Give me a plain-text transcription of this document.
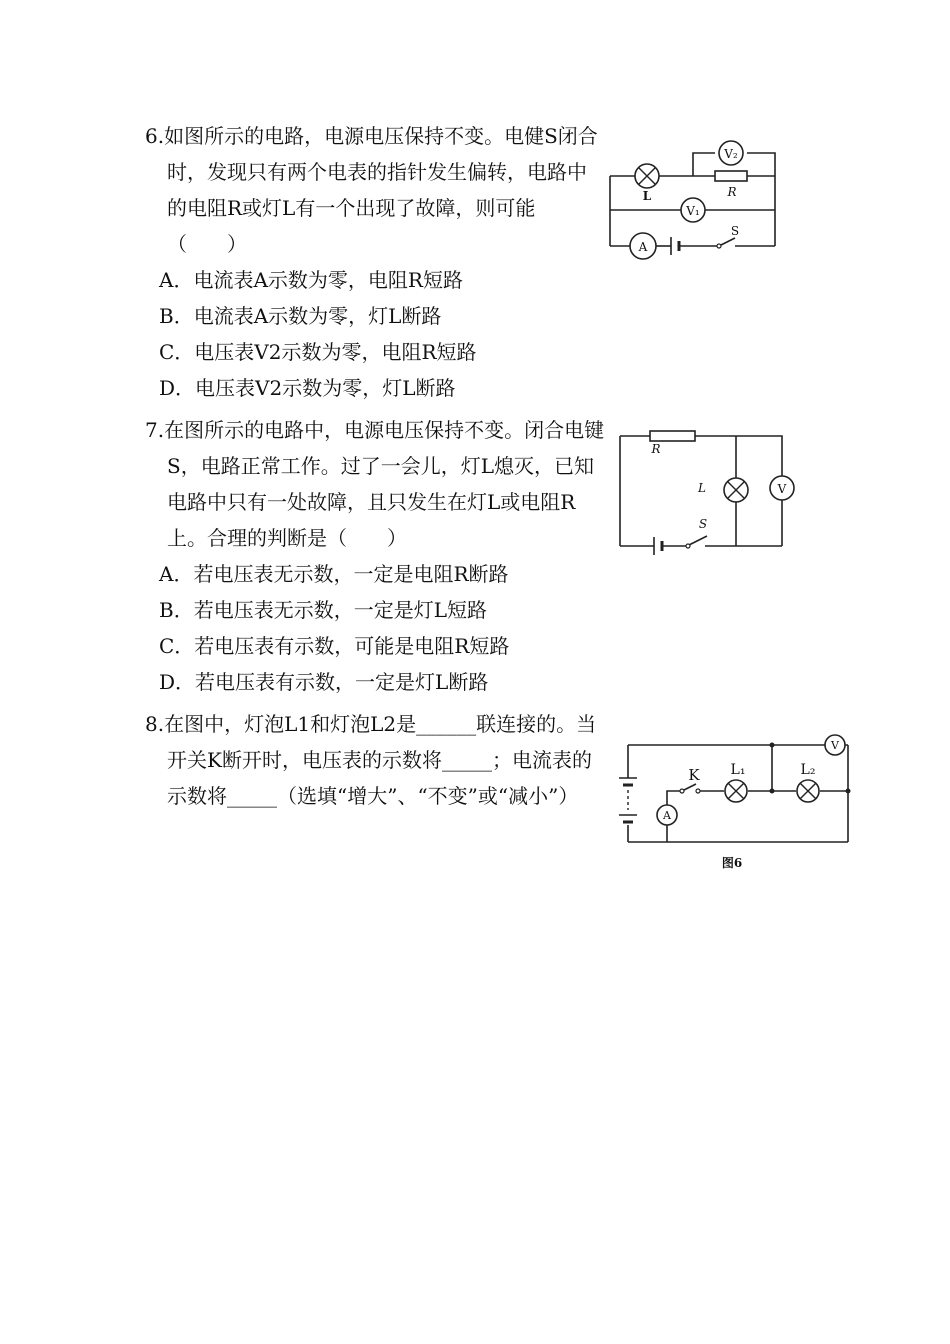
6.如图所示的电路，电源电压保持不变。电健S闭合时，发现只有两个电表的指针发生偏转，电路中的电阻R或灯L有一个出现了故障，则可能（　　）

A．电流表A示数为零，电阻R短路

B．电流表A示数为零，灯L断路

C．电压表V2示数为零，电阻R短路

D．电压表V2示数为零，灯L断路

V₂
V₁
A
L	R
S

7.在图所示的电路中，电源电压保持不变。闭合电键S，电路正常工作。过了一会儿，灯L熄灭，已知电路中只有一处故障，且只发生在灯L或电阻R上。合理的判断是（　　）

A．若电压表无示数，一定是电阻R断路

B．若电压表无示数，一定是灯L短路

C．若电压表有示数，可能是电阻R短路

D．若电压表有示数，一定是灯L断路

V
R
L
S

8.在图中，灯泡L1和灯泡L2是______联连接的。当开关K断开时，电压表的示数将_____；电流表的示数将_____（选填“增大”、“不变”或“减小”）

V
A
K L₁	L₂
图6
